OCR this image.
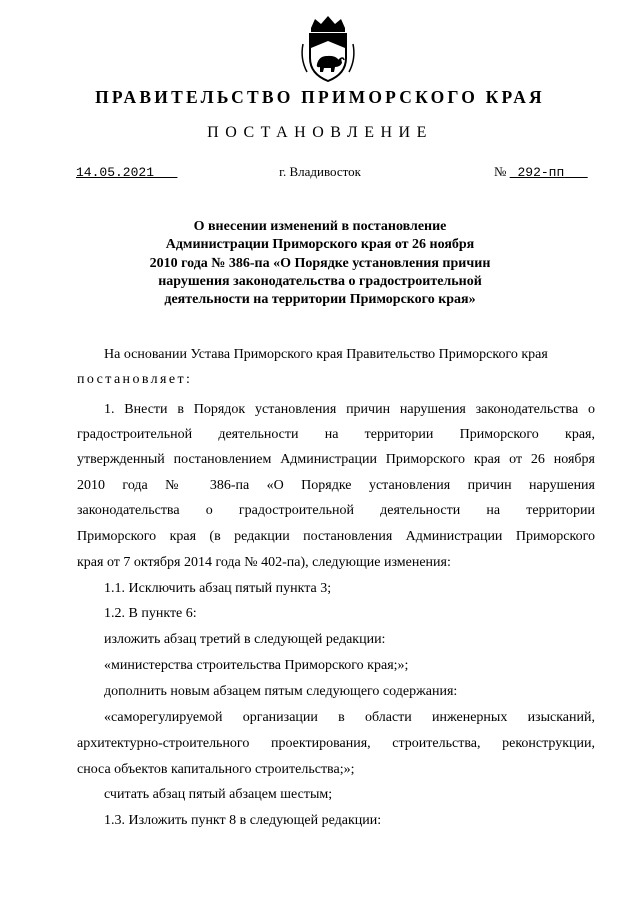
ПРАВИТЕЛЬСТВО ПРИМОРСКОГО КРАЯ
ПОСТАНОВЛЕНИЕ
14.05.2021	г. Владивосток	№ 292-пп
О внесении изменений в постановление
Администрации Приморского края от 26 ноября
2010 года № 386-па «О Порядке установления причин
нарушения законодательства о градостроительной
деятельности на территории Приморского края»
На основании Устава Приморского края Правительство Приморского края
постановляет:
1. Внести в Порядок установления причин нарушения законодательства о
градостроительной деятельности на территории Приморского края,
утвержденный постановлением Администрации Приморского края от 26 ноября
2010 года № 386-па «О Порядке установления причин нарушения
законодательства о градостроительной деятельности на территории
Приморского края (в редакции постановления Администрации Приморского
края от 7 октября 2014 года № 402-па), следующие изменения:
1.1. Исключить абзац пятый пункта 3;
1.2. В пункте 6:
изложить абзац третий в следующей редакции:
«министерства строительства Приморского края;»;
дополнить новым абзацем пятым следующего содержания:
«саморегулируемой организации в области инженерных изысканий,
архитектурно-строительного проектирования, строительства, реконструкции,
сноса объектов капитального строительства;»;
считать абзац пятый абзацем шестым;
1.3. Изложить пункт 8 в следующей редакции:
